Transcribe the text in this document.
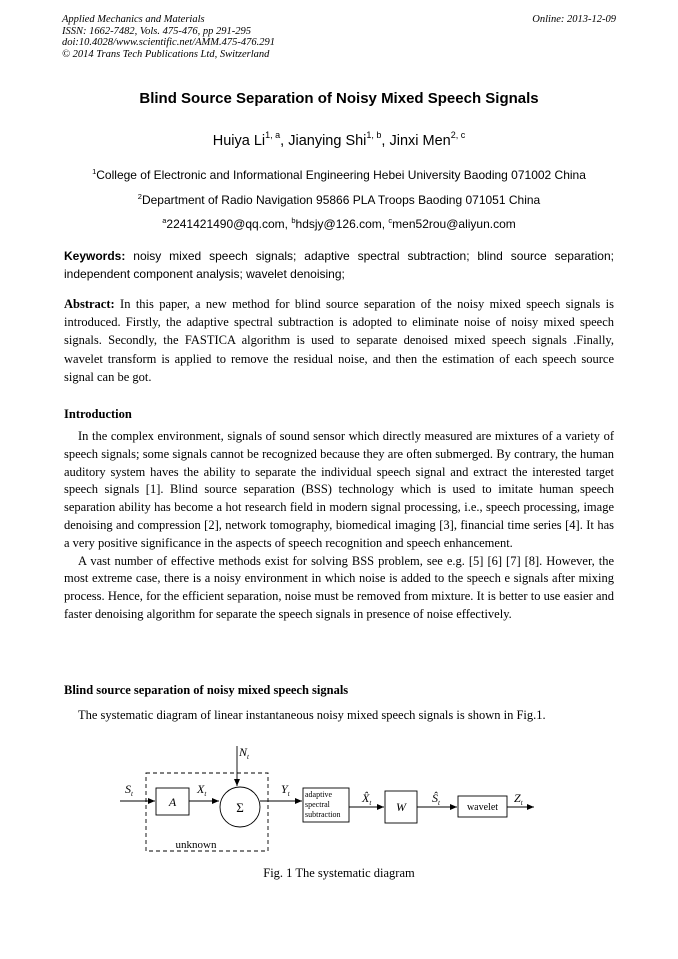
Applied Mechanics and Materials
ISSN: 1662-7482, Vols. 475-476, pp 291-295
doi:10.4028/www.scientific.net/AMM.475-476.291
© 2014 Trans Tech Publications Ltd, Switzerland
Online: 2013-12-09
Blind Source Separation of Noisy Mixed Speech Signals
Huiya Li$^{1, a}$, Jianying Shi$^{1, b}$, Jinxi Men$^{2, c}$
$^1$College of Electronic and Informational Engineering Hebei University Baoding 071002 China
$^2$Department of Radio Navigation 95866 PLA Troops Baoding 071051 China
$^a$2241421490@qq.com, $^b$hdsjy@126.com, $^c$men52rou@aliyun.com
Keywords: noisy mixed speech signals; adaptive spectral subtraction; blind source separation; independent component analysis; wavelet denoising;
Abstract: In this paper, a new method for blind source separation of the noisy mixed speech signals is introduced. Firstly, the adaptive spectral subtraction is adopted to eliminate noise of noisy mixed speech signals. Secondly, the FASTICA algorithm is used to separate denoised mixed speech signals .Finally, wavelet transform is applied to remove the residual noise, and then the estimation of each speech source signal can be got.
Introduction

In the complex environment, signals of sound sensor which directly measured are mixtures of a variety of speech signals; some signals cannot be recognized because they are often submerged. By contrary, the human auditory system haves the ability to separate the individual speech signal and extract the interested target speech signals [1]. Blind source separation (BSS) technology which is used to imitate human speech separation ability has become a hot research field in modern signal processing, i.e., speech processing, image denoising and compression [2], network tomography, biomedical imaging [3], financial time series [4]. It has a very positive significance in the aspects of speech recognition and speech enhancement.

A vast number of effective methods exist for solving BSS problem, see e.g. [5] [6] [7] [8]. However, the most extreme case, there is a noisy environment in which noise is added to the speech e signals after mixing process. Hence, for the efficient separation, noise must be removed from mixture. It is better to use easier and faster denoising algorithm for separate the speech signals in presence of noise effectively.

Blind source separation of noisy mixed speech signals

The systematic diagram of linear instantaneous noisy mixed speech signals is shown in Fig.1.

unknown
$S_t$
A
$X_t$
Σ
$N_t$
$Y_t$ adaptive
spectral
subtraction
$X̂_t$ W
$Ŝ_t$	wavelet
$Z_t$
Fig. 1 The systematic diagram
